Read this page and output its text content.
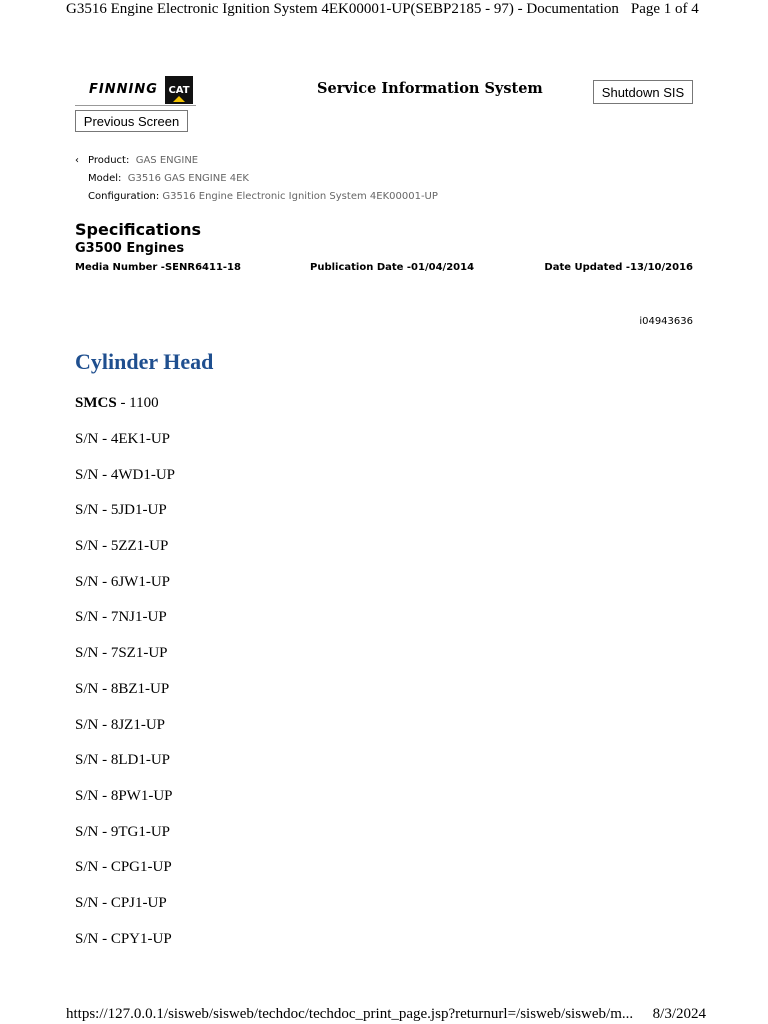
G3516 Engine Electronic Ignition System 4EK00001-UP(SEBP2185 - 97) - Documentation Page 1 of 4
FINNING CAT	Service Information System	Shutdown SIS
Previous Screen
‹ Product: GAS ENGINE
Model: G3516 GAS ENGINE 4EK
Configuration: G3516 Engine Electronic Ignition System 4EK00001-UP
Specifications
G3500 Engines
Media Number -SENR6411-18	Publication Date -01/04/2014	Date Updated -13/10/2016
i04943636
Cylinder Head
SMCS - 1100
S/N - 4EK1-UP
S/N - 4WD1-UP
S/N - 5JD1-UP
S/N - 5ZZ1-UP
S/N - 6JW1-UP
S/N - 7NJ1-UP
S/N - 7SZ1-UP
S/N - 8BZ1-UP
S/N - 8JZ1-UP
S/N - 8LD1-UP
S/N - 8PW1-UP
S/N - 9TG1-UP
S/N - CPG1-UP
S/N - CPJ1-UP
S/N - CPY1-UP
https://127.0.0.1/sisweb/sisweb/techdoc/techdoc_print_page.jsp?returnurl=/sisweb/sisweb/m... 8/3/2024
